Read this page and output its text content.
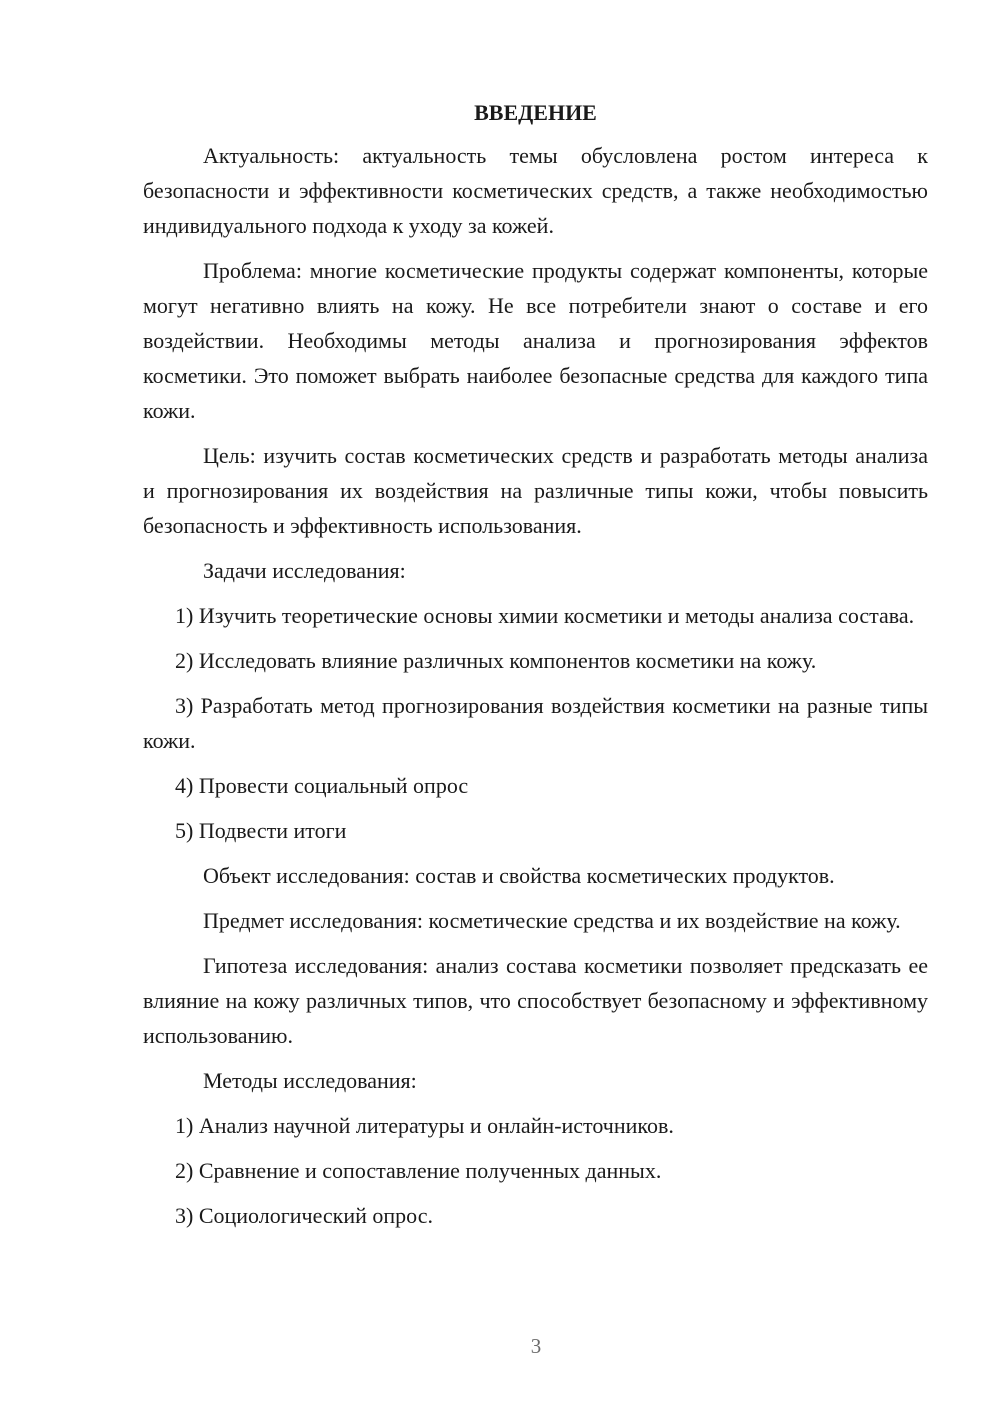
ВВЕДЕНИЕ

Актуальность: актуальность темы обусловлена ростом интереса к безопасности и эффективности косметических средств, а также необходимостью индивидуального подхода к уходу за кожей.

Проблема: многие косметические продукты содержат компоненты, которые могут негативно влиять на кожу. Не все потребители знают о составе и его воздействии. Необходимы методы анализа и прогнозирования эффектов косметики. Это поможет выбрать наиболее безопасные средства для каждого типа кожи.

Цель: изучить состав косметических средств и разработать методы анализа и прогнозирования их воздействия на различные типы кожи, чтобы повысить безопасность и эффективность использования.

Задачи исследования:

1) Изучить теоретические основы химии косметики и методы анализа состава.

2) Исследовать влияние различных компонентов косметики на кожу.

3) Разработать метод прогнозирования воздействия косметики на разные типы кожи.

4) Провести социальный опрос

5) Подвести итоги

Объект исследования: состав и свойства косметических продуктов.

Предмет исследования: косметические средства и их воздействие на кожу.

Гипотеза исследования: анализ состава косметики позволяет предсказать ее влияние на кожу различных типов, что способствует безопасному и эффективному использованию.

Методы исследования:

1) Анализ научной литературы и онлайн-источников.

2) Сравнение и сопоставление полученных данных.

3) Социологический опрос.

3
